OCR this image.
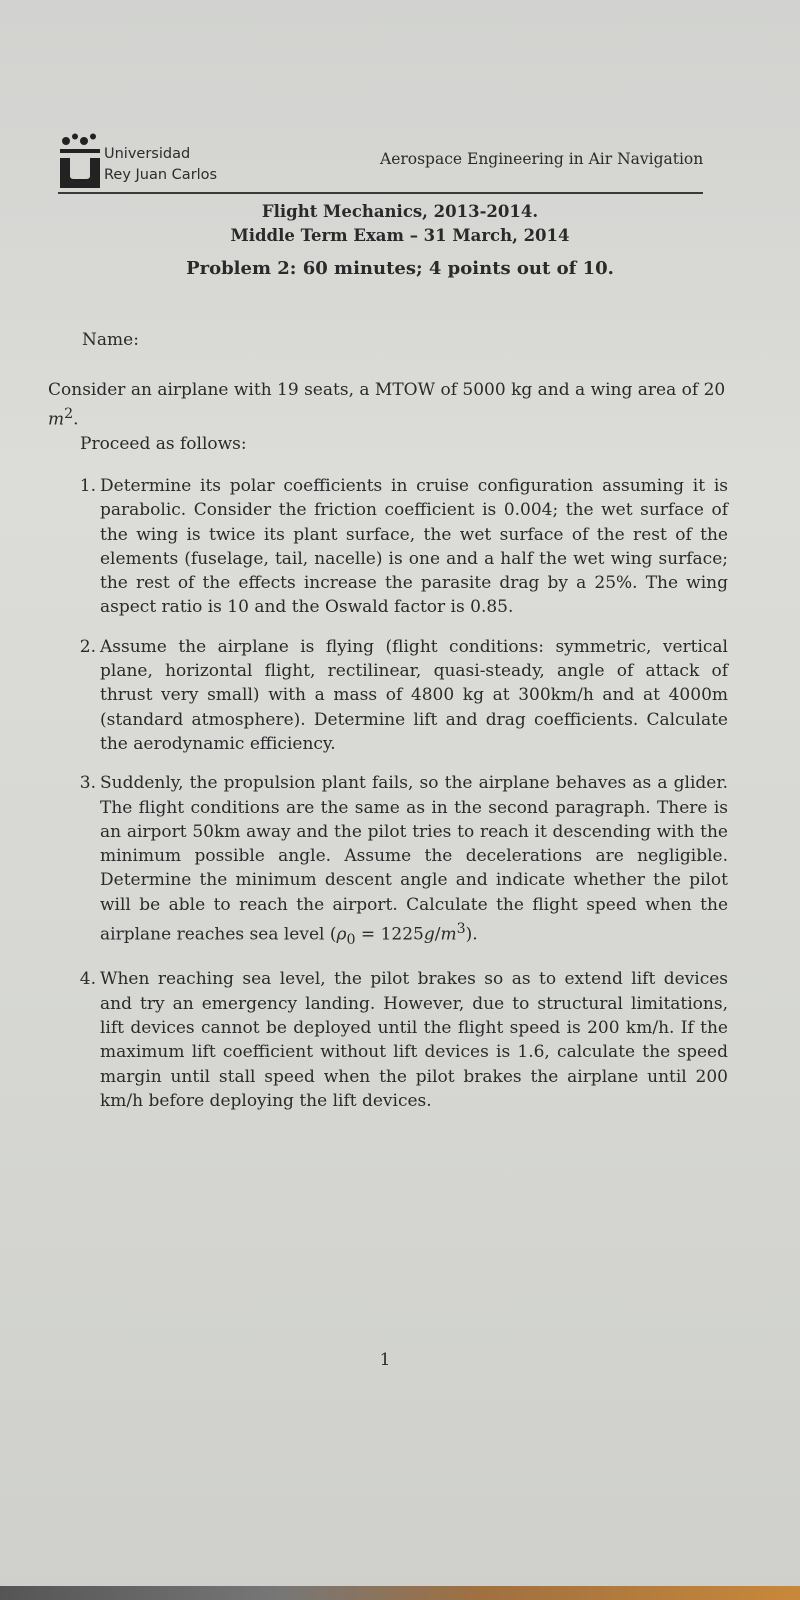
Universidad
Rey Juan Carlos
Aerospace Engineering in Air Navigation
Flight Mechanics, 2013-2014.
Middle Term Exam – 31 March, 2014
Problem 2: 60 minutes; 4 points out of 10.
Name:
Consider an airplane with 19 seats, a MTOW of 5000 kg and a wing area of 20 $m^2$.
Proceed as follows:
1. Determine its polar coefficients in cruise configuration assuming it is parabolic. Consider the friction coefficient is 0.004; the wet surface of the wing is twice its plant surface, the wet surface of the rest of the elements (fuselage, tail, nacelle) is one and a half the wet wing surface; the rest of the effects increase the parasite drag by a 25%. The wing aspect ratio is 10 and the Oswald factor is 0.85.
2. Assume the airplane is flying (flight conditions: symmetric, vertical plane, horizontal flight, rectilinear, quasi-steady, angle of attack of thrust very small) with a mass of 4800 kg at 300km/h and at 4000m (standard atmosphere). Determine lift and drag coefficients. Calculate the aerodynamic efficiency.
3. Suddenly, the propulsion plant fails, so the airplane behaves as a glider. The flight conditions are the same as in the second paragraph. There is an airport 50km away and the pilot tries to reach it descending with the minimum possible angle. Assume the decelerations are negligible. Determine the minimum descent angle and indicate whether the pilot will be able to reach the airport. Calculate the flight speed when the airplane reaches sea level $(\rho_0 = 1225g/m^3)$.
4. When reaching sea level, the pilot brakes so as to extend lift devices and try an emergency landing. However, due to structural limitations, lift devices cannot be deployed until the flight speed is 200 km/h. If the maximum lift coefficient without lift devices is 1.6, calculate the speed margin until stall speed when the pilot brakes the airplane until 200 km/h before deploying the lift devices.
1
